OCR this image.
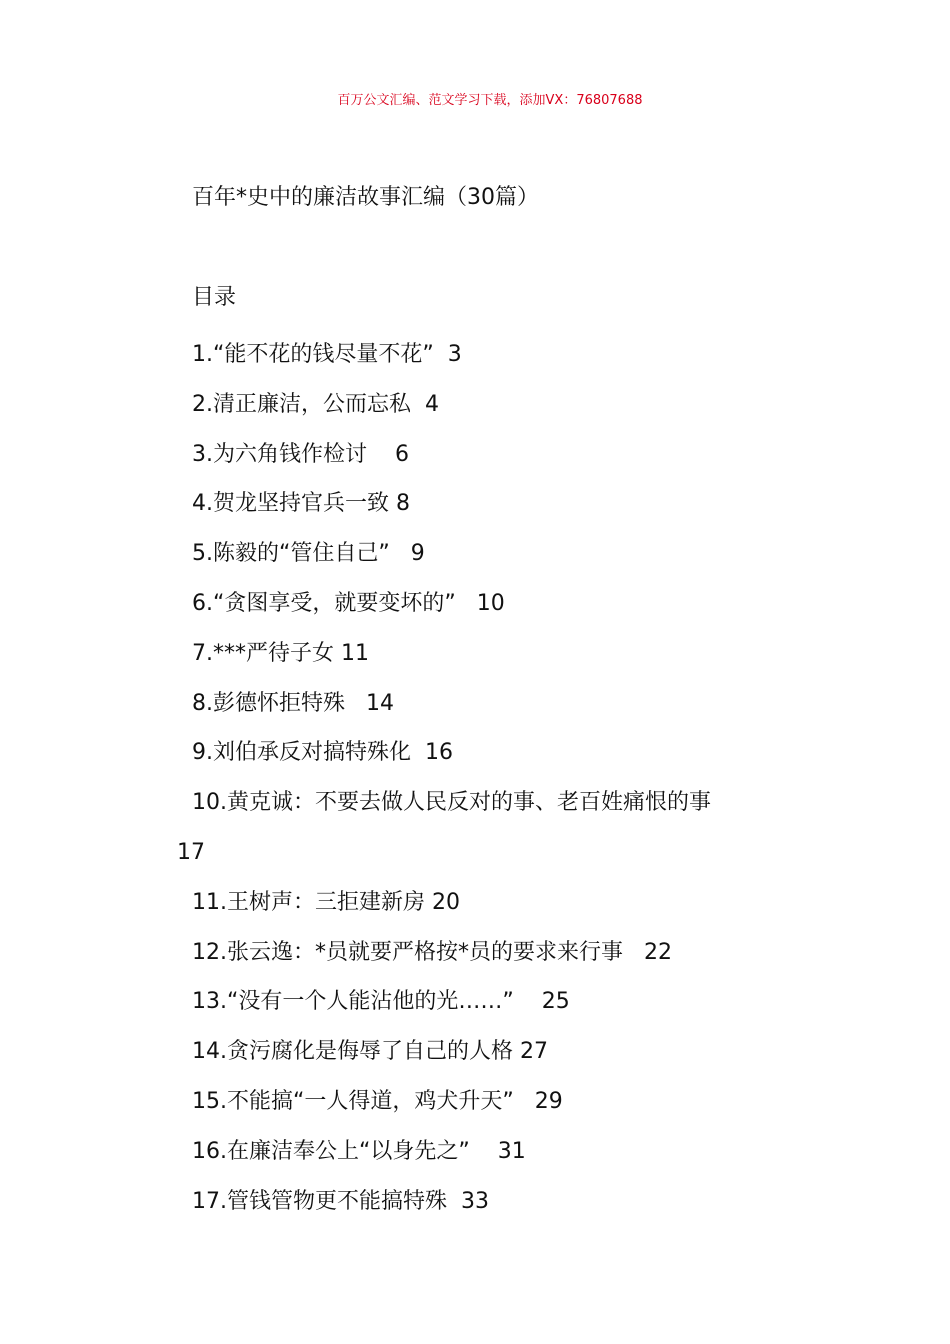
百万公文汇编、范文学习下载，添加VX：76807688
百年*史中的廉洁故事汇编（30篇）
目录
1.“能不花的钱尽量不花”  3
2.清正廉洁，公而忘私  4
3.为六角钱作检讨    6
4.贺龙坚持官兵一致 8
5.陈毅的“管住自己”   9
6.“贪图享受，就要变坏的”   10
7.***严待子女 11
8.彭德怀拒特殊   14
9.刘伯承反对搞特殊化  16
10.黄克诚：不要去做人民反对的事、老百姓痛恨的事
17
11.王树声：三拒建新房 20
12.张云逸：*员就要严格按*员的要求来行事   22
13.“没有一个人能沾他的光……”    25
14.贪污腐化是侮辱了自己的人格 27
15.不能搞“一人得道，鸡犬升天”   29
16.在廉洁奉公上“以身先之”    31
17.管钱管物更不能搞特殊  33
